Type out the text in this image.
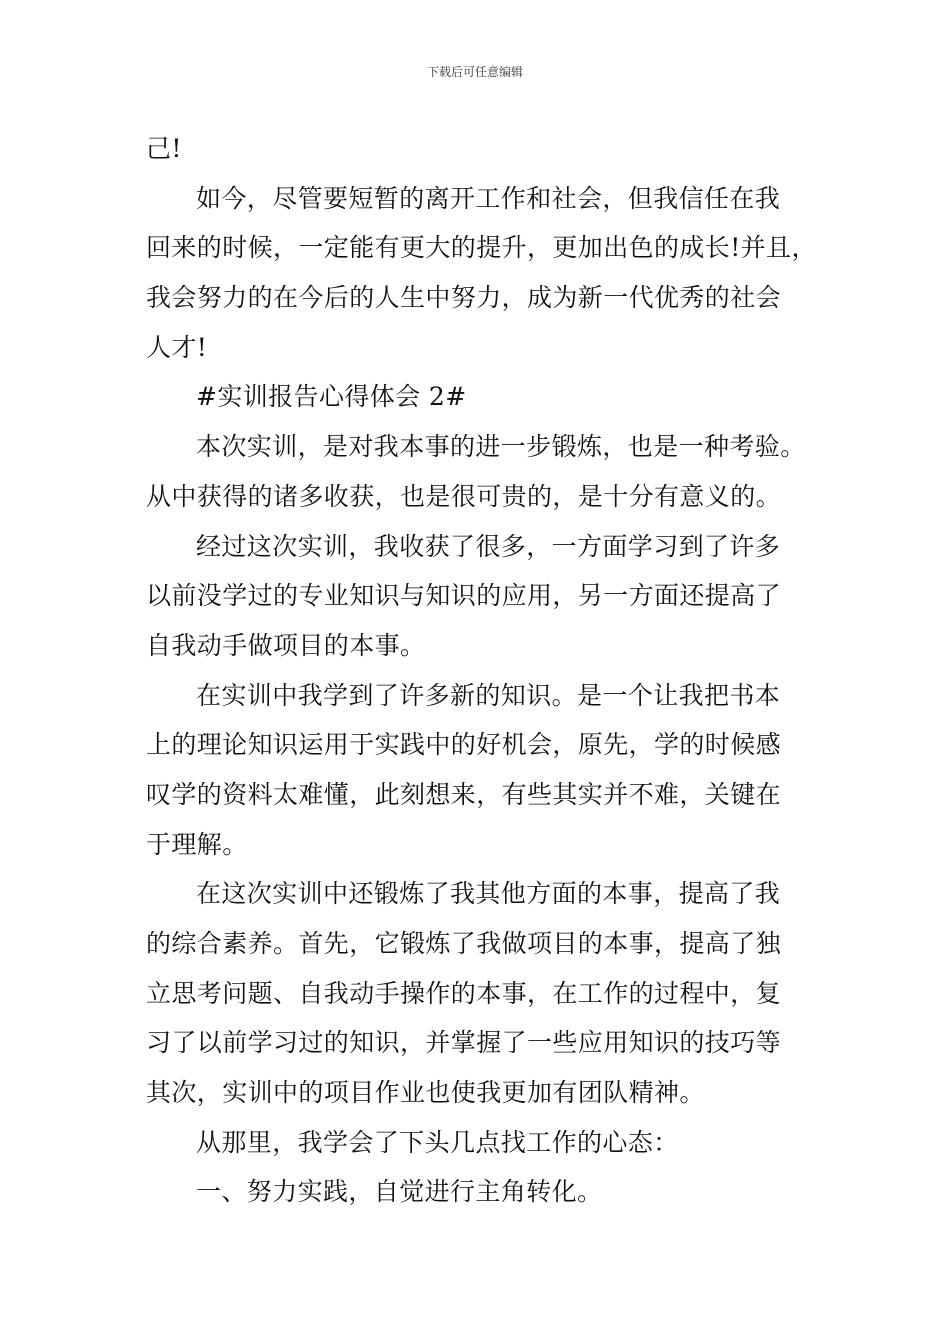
下载后可任意编辑
己!
如今，尽管要短暂的离开工作和社会，但我信任在我
回来的时候，一定能有更大的提升，更加出色的成长!并且，
我会努力的在今后的人生中努力，成为新一代优秀的社会
人才!
#实训报告心得体会 2#
本次实训，是对我本事的进一步锻炼，也是一种考验。
从中获得的诸多收获，也是很可贵的，是十分有意义的。
经过这次实训，我收获了很多，一方面学习到了许多
以前没学过的专业知识与知识的应用，另一方面还提高了
自我动手做项目的本事。
在实训中我学到了许多新的知识。是一个让我把书本
上的理论知识运用于实践中的好机会，原先，学的时候感
叹学的资料太难懂，此刻想来，有些其实并不难，关键在
于理解。
在这次实训中还锻炼了我其他方面的本事，提高了我
的综合素养。首先，它锻炼了我做项目的本事，提高了独
立思考问题、自我动手操作的本事，在工作的过程中，复
习了以前学习过的知识，并掌握了一些应用知识的技巧等
其次，实训中的项目作业也使我更加有团队精神。
从那里，我学会了下头几点找工作的心态：
一、努力实践，自觉进行主角转化。
